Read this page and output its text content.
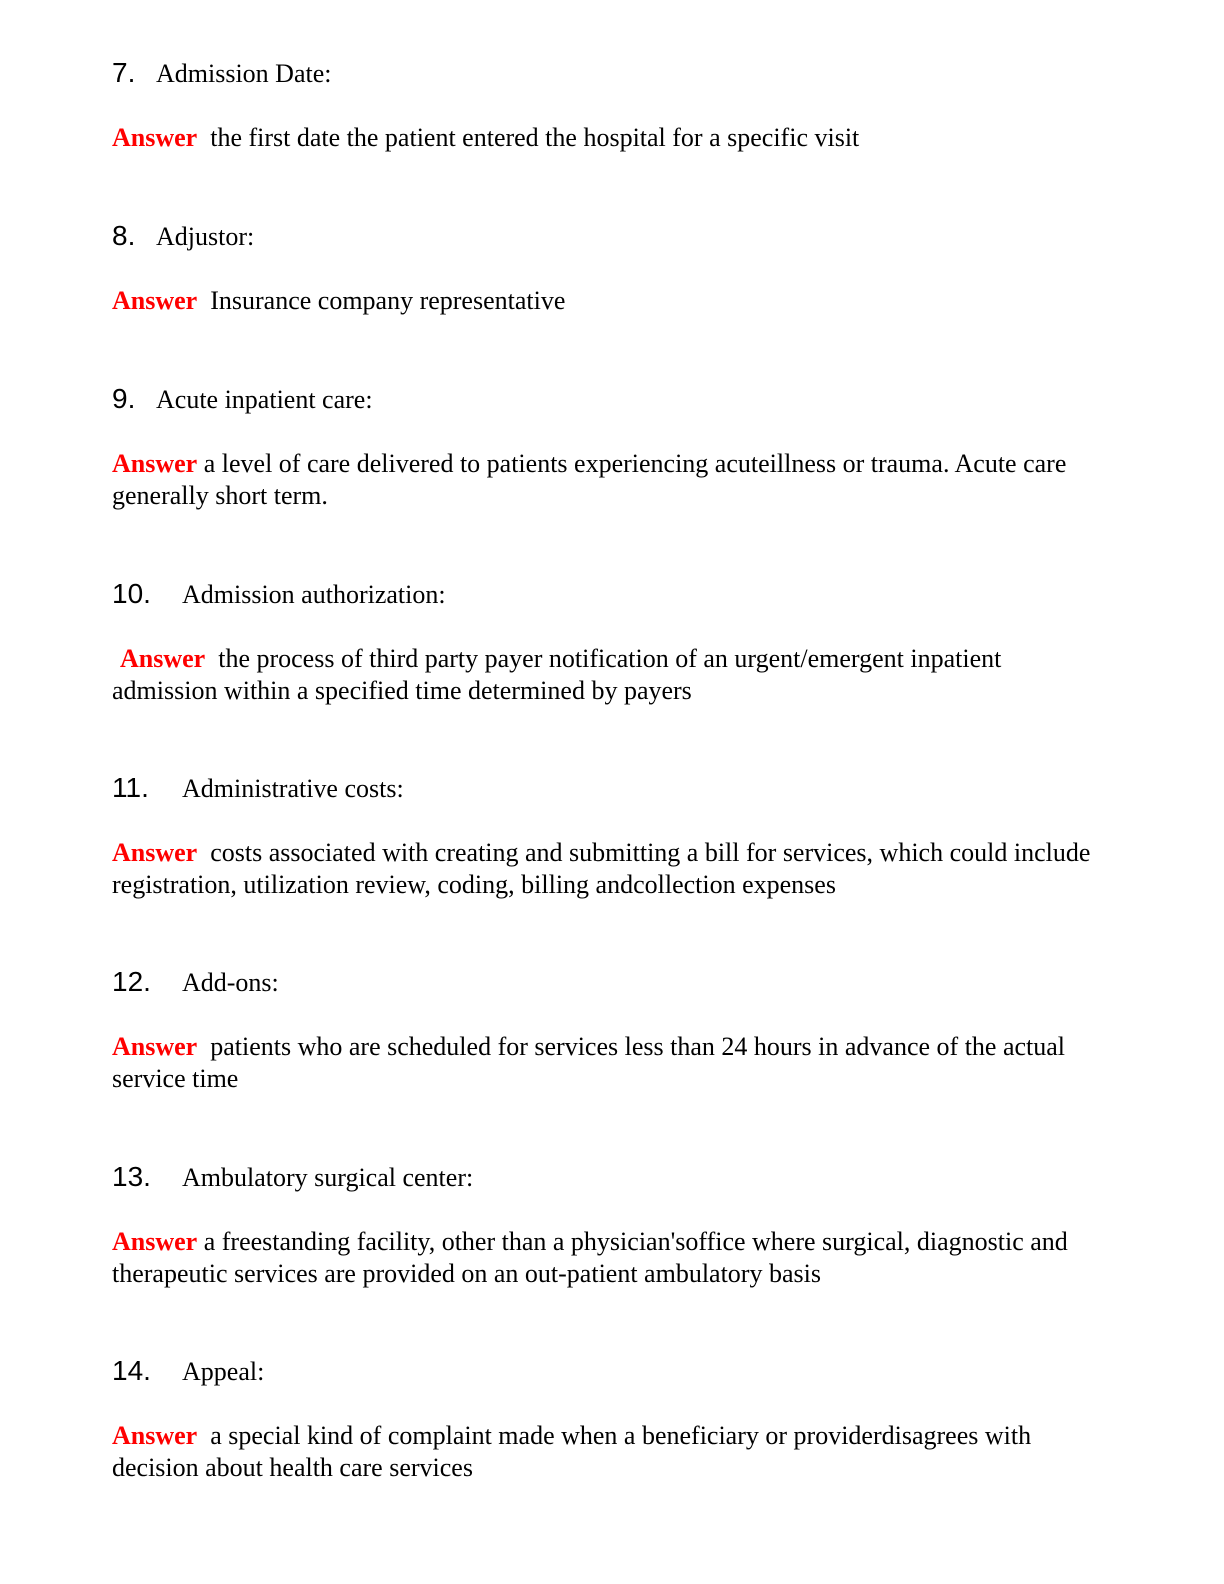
7. Admission Date:
Answer the first date the patient entered the hospital for a specific visit
8. Adjustor:
Answer Insurance company representative
9. Acute inpatient care:
Answer a level of care delivered to patients experiencing acuteillness or trauma. Acute care generally short term.
10. Admission authorization:
Answer the process of third party payer notification of an urgent/emergent inpatient admission within a specified time determined by payers
11. Administrative costs:
Answer costs associated with creating and submitting a bill for services, which could include registration, utilization review, coding, billing andcollection expenses
12. Add-ons:
Answer patients who are scheduled for services less than 24 hours in advance of the actual service time
13. Ambulatory surgical center:
Answer a freestanding facility, other than a physician'soffice where surgical, diagnostic and therapeutic services are provided on an out-patient ambulatory basis
14. Appeal:
Answer a special kind of complaint made when a beneficiary or providerdisagrees with decision about health care services
